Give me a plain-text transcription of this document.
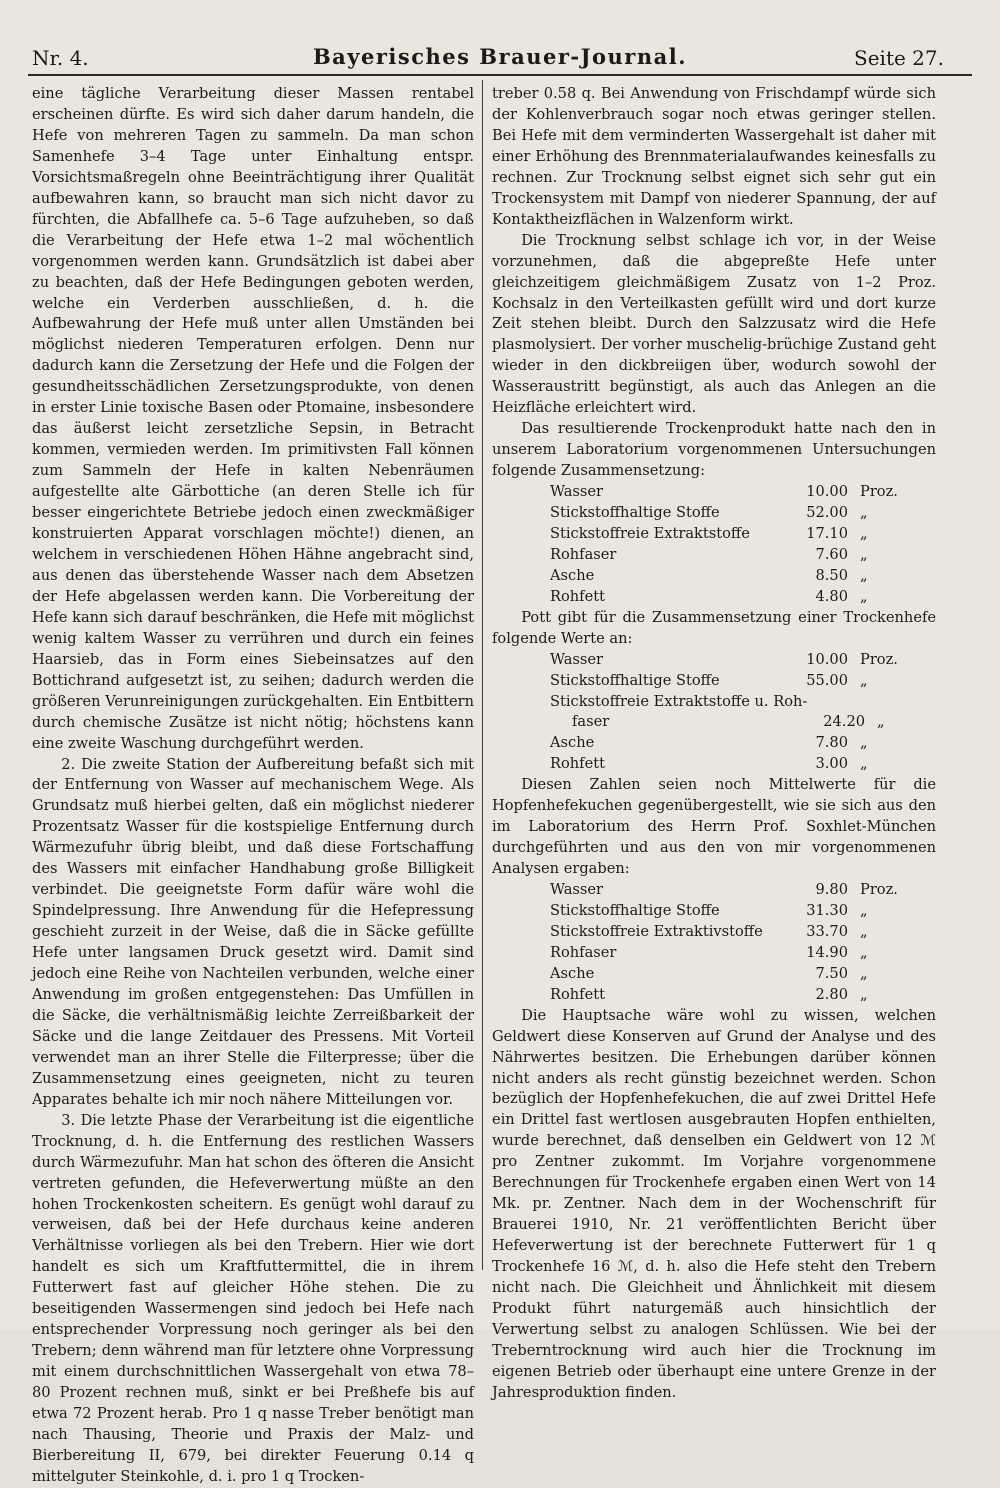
Nr. 4.	Bayerisches Brauer-Journal.	Seite 27.

eine tägliche Verarbeitung dieser Massen rentabel erscheinen dürfte. Es wird sich daher darum handeln, die Hefe von mehreren Tagen zu sammeln. Da man schon Samenhefe 3–4 Tage unter Einhaltung entspr. Vorsichtsmaßregeln ohne Beeinträchtigung ihrer Qualität aufbewahren kann, so braucht man sich nicht davor zu fürchten, die Abfallhefe ca. 5–6 Tage aufzuheben, so daß die Verarbeitung der Hefe etwa 1–2 mal wöchentlich vorgenommen werden kann. Grundsätzlich ist dabei aber zu beachten, daß der Hefe Bedingungen geboten werden, welche ein Verderben ausschließen, d. h. die Aufbewahrung der Hefe muß unter allen Umständen bei möglichst niederen Temperaturen erfolgen. Denn nur dadurch kann die Zersetzung der Hefe und die Folgen der gesundheitsschädlichen Zersetzungsprodukte, von denen in erster Linie toxische Basen oder Ptomaine, insbesondere das äußerst leicht zersetzliche Sepsin, in Betracht kommen, vermieden werden. Im primitivsten Fall können zum Sammeln der Hefe in kalten Nebenräumen aufgestellte alte Gärbottiche (an deren Stelle ich für besser eingerichtete Betriebe jedoch einen zweckmäßiger konstruierten Apparat vorschlagen möchte!) dienen, an welchem in verschiedenen Höhen Hähne angebracht sind, aus denen das überstehende Wasser nach dem Absetzen der Hefe abgelassen werden kann. Die Vorbereitung der Hefe kann sich darauf beschränken, die Hefe mit möglichst wenig kaltem Wasser zu verrühren und durch ein feines Haarsieb, das in Form eines Siebeinsatzes auf den Bottichrand aufgesetzt ist, zu seihen; dadurch werden die größeren Verunreinigungen zurückgehalten. Ein Entbittern durch chemische Zusätze ist nicht nötig; höchstens kann eine zweite Waschung durchgeführt werden.

2. Die zweite Station der Aufbereitung befaßt sich mit der Entfernung von Wasser auf mechanischem Wege. Als Grundsatz muß hierbei gelten, daß ein möglichst niederer Prozentsatz Wasser für die kostspielige Entfernung durch Wärmezufuhr übrig bleibt, und daß diese Fortschaffung des Wassers mit einfacher Handhabung große Billigkeit verbindet. Die geeignetste Form dafür wäre wohl die Spindelpressung. Ihre Anwendung für die Hefepressung geschieht zurzeit in der Weise, daß die in Säcke gefüllte Hefe unter langsamen Druck gesetzt wird. Damit sind jedoch eine Reihe von Nachteilen verbunden, welche einer Anwendung im großen entgegenstehen: Das Umfüllen in die Säcke, die verhältnismäßig leichte Zerreißbarkeit der Säcke und die lange Zeitdauer des Pressens. Mit Vorteil verwendet man an ihrer Stelle die Filterpresse; über die Zusammensetzung eines geeigneten, nicht zu teuren Apparates behalte ich mir noch nähere Mitteilungen vor.

3. Die letzte Phase der Verarbeitung ist die eigentliche Trocknung, d. h. die Entfernung des restlichen Wassers durch Wärmezufuhr. Man hat schon des öfteren die Ansicht vertreten gefunden, die Hefeverwertung müßte an den hohen Trockenkosten scheitern. Es genügt wohl darauf zu verweisen, daß bei der Hefe durchaus keine anderen Verhältnisse vorliegen als bei den Trebern. Hier wie dort handelt es sich um Kraftfuttermittel, die in ihrem Futterwert fast auf gleicher Höhe stehen. Die zu beseitigenden Wassermengen sind jedoch bei Hefe nach entsprechender Vorpressung noch geringer als bei den Trebern; denn während man für letztere ohne Vorpressung mit einem durchschnittlichen Wassergehalt von etwa 78–80 Prozent rechnen muß, sinkt er bei Preßhefe bis auf etwa 72 Prozent herab. Pro 1 q nasse Treber benötigt man nach Thausing, Theorie und Praxis der Malz- und Bierbereitung II, 679, bei direkter Feuerung 0.14 q mittelguter Steinkohle, d. i. pro 1 q Trocken-

treber 0.58 q. Bei Anwendung von Frischdampf würde sich der Kohlenverbrauch sogar noch etwas geringer stellen. Bei Hefe mit dem verminderten Wassergehalt ist daher mit einer Erhöhung des Brennmaterialaufwandes keinesfalls zu rechnen. Zur Trocknung selbst eignet sich sehr gut ein Trockensystem mit Dampf von niederer Spannung, der auf Kontaktheizflächen in Walzenform wirkt.

Die Trocknung selbst schlage ich vor, in der Weise vorzunehmen, daß die abgepreßte Hefe unter gleichzeitigem gleichmäßigem Zusatz von 1–2 Proz. Kochsalz in den Verteilkasten gefüllt wird und dort kurze Zeit stehen bleibt. Durch den Salzzusatz wird die Hefe plasmolysiert. Der vorher muschelig-brüchige Zustand geht wieder in den dickbreiigen über, wodurch sowohl der Wasseraustritt begünstigt, als auch das Anlegen an die Heizfläche erleichtert wird.

Das resultierende Trockenprodukt hatte nach den in unserem Laboratorium vorgenommenen Untersuchungen folgende Zusammensetzung:

Wasser	10.00 Proz.
Stickstoffhaltige Stoffe	52.00 „
Stickstoffreie Extraktstoffe	17.10 „
Rohfaser	7.60 „
Asche	8.50 „
Rohfett	4.80 „

Pott gibt für die Zusammensetzung einer Trockenhefe folgende Werte an:

Wasser	10.00 Proz.
Stickstoffhaltige Stoffe	55.00 „
Stickstoffreie Extraktstoffe u. Roh-
faser	24.20 „
Asche	7.80 „
Rohfett	3.00 „

Diesen Zahlen seien noch Mittelwerte für die Hopfenhefekuchen gegenübergestellt, wie sie sich aus den im Laboratorium des Herrn Prof. Soxhlet-München durchgeführten und aus den von mir vorgenommenen Analysen ergaben:

Wasser	9.80 Proz.
Stickstoffhaltige Stoffe	31.30 „
Stickstoffreie Extraktivstoffe	33.70 „
Rohfaser	14.90 „
Asche	7.50 „
Rohfett	2.80 „

Die Hauptsache wäre wohl zu wissen, welchen Geldwert diese Konserven auf Grund der Analyse und des Nährwertes besitzen. Die Erhebungen darüber können nicht anders als recht günstig bezeichnet werden. Schon bezüglich der Hopfenhefekuchen, die auf zwei Drittel Hefe ein Drittel fast wertlosen ausgebrauten Hopfen enthielten, wurde berechnet, daß denselben ein Geldwert von 12 ℳ pro Zentner zukommt. Im Vorjahre vorgenommene Berechnungen für Trockenhefe ergaben einen Wert von 14 Mk. pr. Zentner. Nach dem in der Wochenschrift für Brauerei 1910, Nr. 21 veröffentlichten Bericht über Hefeverwertung ist der berechnete Futterwert für 1 q Trockenhefe 16 ℳ, d. h. also die Hefe steht den Trebern nicht nach. Die Gleichheit und Ähnlichkeit mit diesem Produkt führt naturgemäß auch hinsichtlich der Verwertung selbst zu analogen Schlüssen. Wie bei der Treberntrocknung wird auch hier die Trocknung im eigenen Betrieb oder überhaupt eine untere Grenze in der Jahresproduktion finden.
